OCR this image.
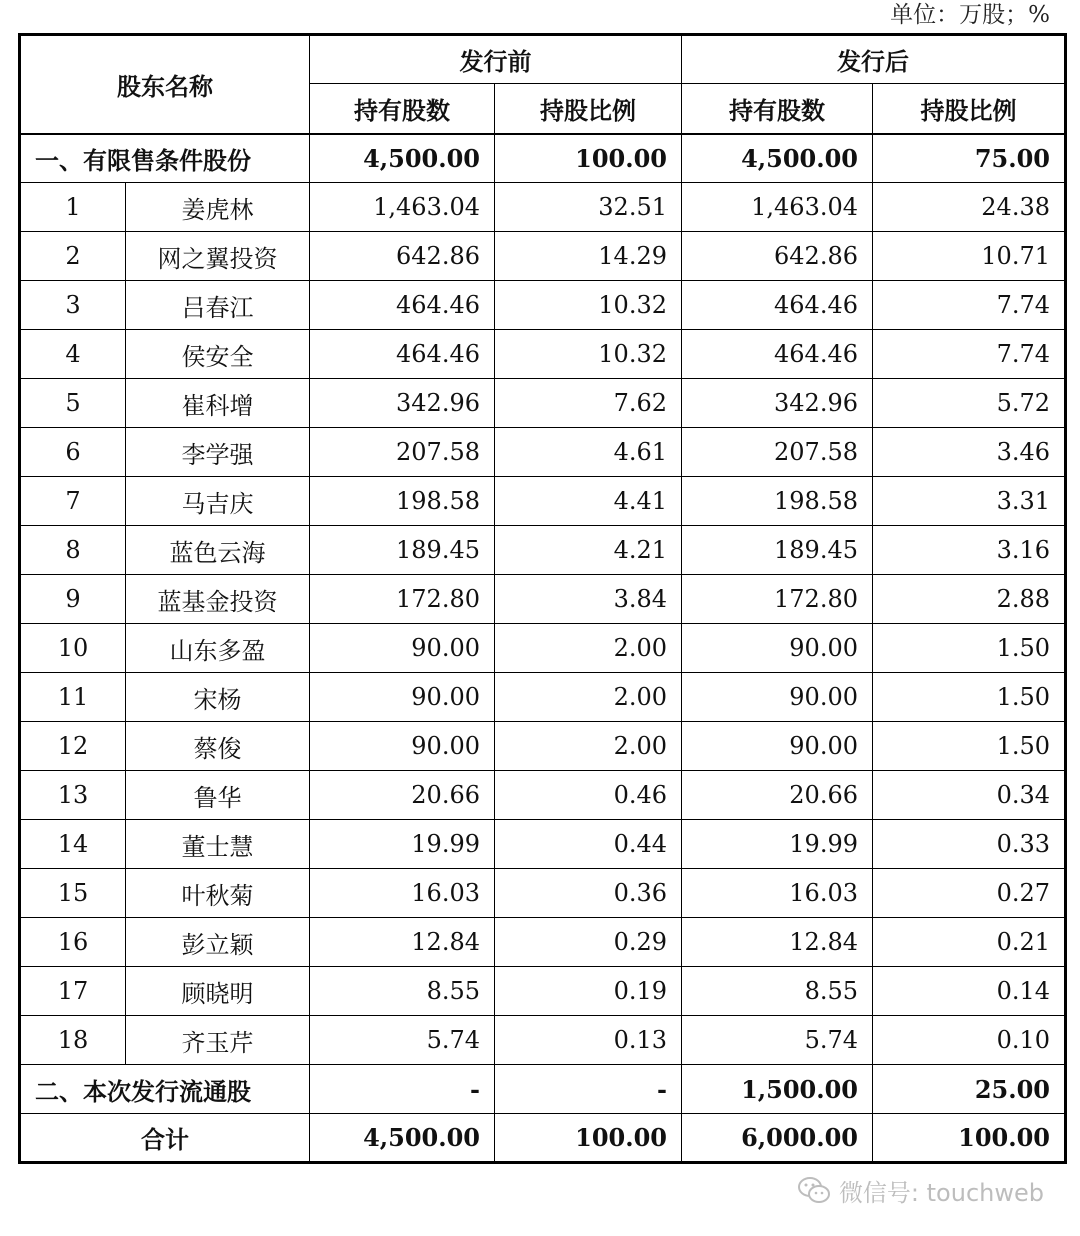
单位：万股；%
股东名称		发行前		发行后	
		持有股数	持股比例	持有股数	持股比例
一、有限售条件股份		4,500.00	100.00	4,500.00	75.00
1	姜虎林	1,463.04	32.51	1,463.04	24.38
2	网之翼投资	642.86	14.29	642.86	10.71
3	吕春江	464.46	10.32	464.46	7.74
4	侯安全	464.46	10.32	464.46	7.74
5	崔科增	342.96	7.62	342.96	5.72
6	李学强	207.58	4.61	207.58	3.46
7	马吉庆	198.58	4.41	198.58	3.31
8	蓝色云海	189.45	4.21	189.45	3.16
9	蓝基金投资	172.80	3.84	172.80	2.88
10	山东多盈	90.00	2.00	90.00	1.50
11	宋杨	90.00	2.00	90.00	1.50
12	蔡俊	90.00	2.00	90.00	1.50
13	鲁华	20.66	0.46	20.66	0.34
14	董士慧	19.99	0.44	19.99	0.33
15	叶秋菊	16.03	0.36	16.03	0.27
16	彭立颖	12.84	0.29	12.84	0.21
17	顾晓明	8.55	0.19	8.55	0.14
18	齐玉芹	5.74	0.13	5.74	0.10
二、本次发行流通股		-	-	1,500.00	25.00
合计		4,500.00	100.00	6,000.00	100.00
微信号: touchweb
